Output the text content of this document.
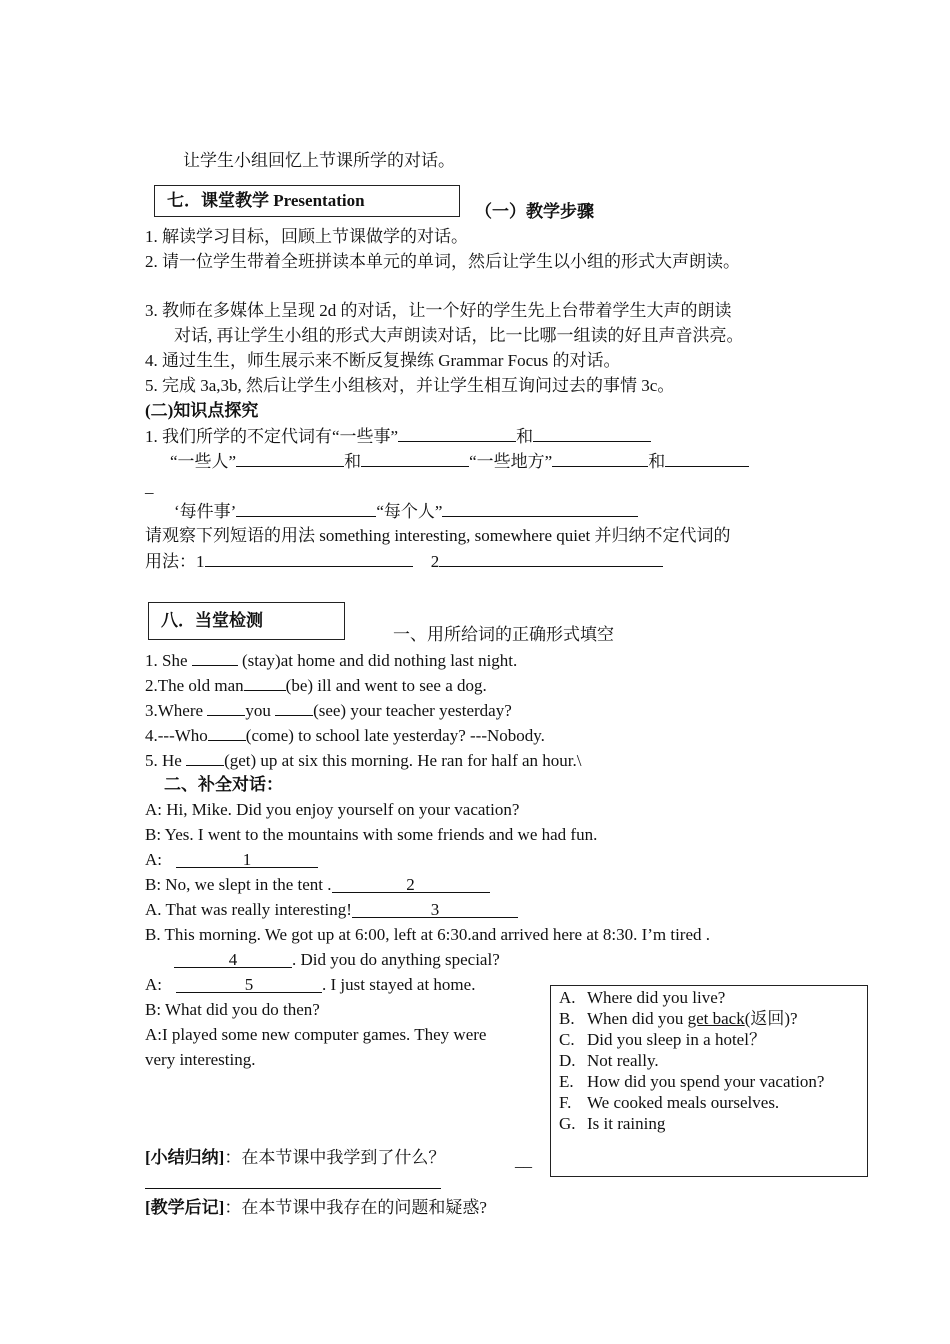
让学生小组回忆上节课所学的对话。
七．课堂教学 Presentation
（一）教学步骤
1. 解读学习目标，回顾上节课做学的对话。
2. 请一位学生带着全班拼读本单元的单词，然后让学生以小组的形式大声朗读。
3. 教师在多媒体上呈现 2d 的对话，让一个好的学生先上台带着学生大声的朗读
对话, 再让学生小组的形式大声朗读对话，比一比哪一组读的好且声音洪亮。
4. 通过生生，师生展示来不断反复操练 Grammar Focus 的对话。
5. 完成 3a,3b, 然后让学生小组核对，并让学生相互询问过去的事情 3c。
(二)知识点探究
1. 我们所学的不定代词有“一些事”	和
“一些人”	和	“一些地方”	和
_
‘每件事’	“每个人”
请观察下列短语的用法 something interesting, somewhere quiet 并归纳不定代词的
用法：1	2
八．当堂检测
一、用所给词的正确形式填空
1. She	(stay)at home and did nothing last night.
2.The old man (be) ill and went to see a dog.
3.Where you (see) your teacher yesterday?
4.---Who (come) to school late yesterday? ---Nobody.
5. He (get) up at six this morning. He ran for half an hour.\
二、补全对话：
A: Hi, Mike. Did you enjoy yourself on your vacation?
B: Yes. I went to the mountains with some friends and we had fun.
A:	1
B: No, we slept in the tent .	2
A. That was really interesting!	3
B. This morning. We got up at 6:00, left at 6:30.and arrived here at 8:30. I’m tired .
4	. Did you do anything special?
A:	5	. I just stayed at home.
B: What did you do then?
A:I played some new computer games. They were
very interesting.
A. Where did you live?
B. When did you get back(返回)?
C. Did you sleep in a hotel？
D. Not really.
E. How did you spend your vacation?
F. We cooked meals ourselves.
G. Is it raining
[小结归纳]：在本节课中我学到了什么？	__
[教学后记]：在本节课中我存在的问题和疑惑?
